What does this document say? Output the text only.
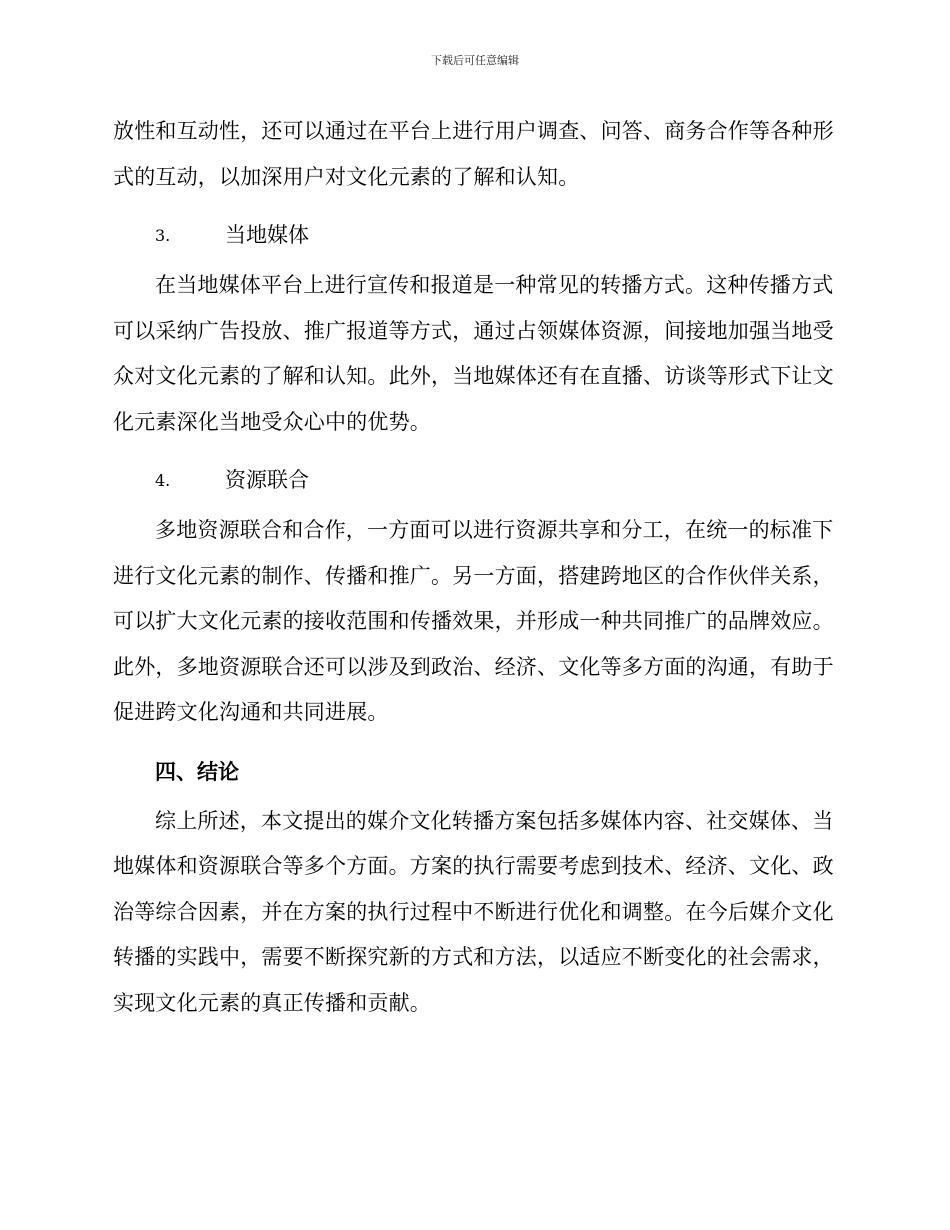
下载后可任意编辑

放性和互动性，还可以通过在平台上进行用户调查、问答、商务合作等各种形式的互动，以加深用户对文化元素的了解和认知。

3.	当地媒体

在当地媒体平台上进行宣传和报道是一种常见的转播方式。这种传播方式可以采纳广告投放、推广报道等方式，通过占领媒体资源，间接地加强当地受众对文化元素的了解和认知。此外，当地媒体还有在直播、访谈等形式下让文化元素深化当地受众心中的优势。

4.	资源联合

多地资源联合和合作，一方面可以进行资源共享和分工，在统一的标准下进行文化元素的制作、传播和推广。另一方面，搭建跨地区的合作伙伴关系，可以扩大文化元素的接收范围和传播效果，并形成一种共同推广的品牌效应。此外，多地资源联合还可以涉及到政治、经济、文化等多方面的沟通，有助于促进跨文化沟通和共同进展。

四、结论

综上所述，本文提出的媒介文化转播方案包括多媒体内容、社交媒体、当地媒体和资源联合等多个方面。方案的执行需要考虑到技术、经济、文化、政治等综合因素，并在方案的执行过程中不断进行优化和调整。在今后媒介文化转播的实践中，需要不断探究新的方式和方法，以适应不断变化的社会需求，实现文化元素的真正传播和贡献。
